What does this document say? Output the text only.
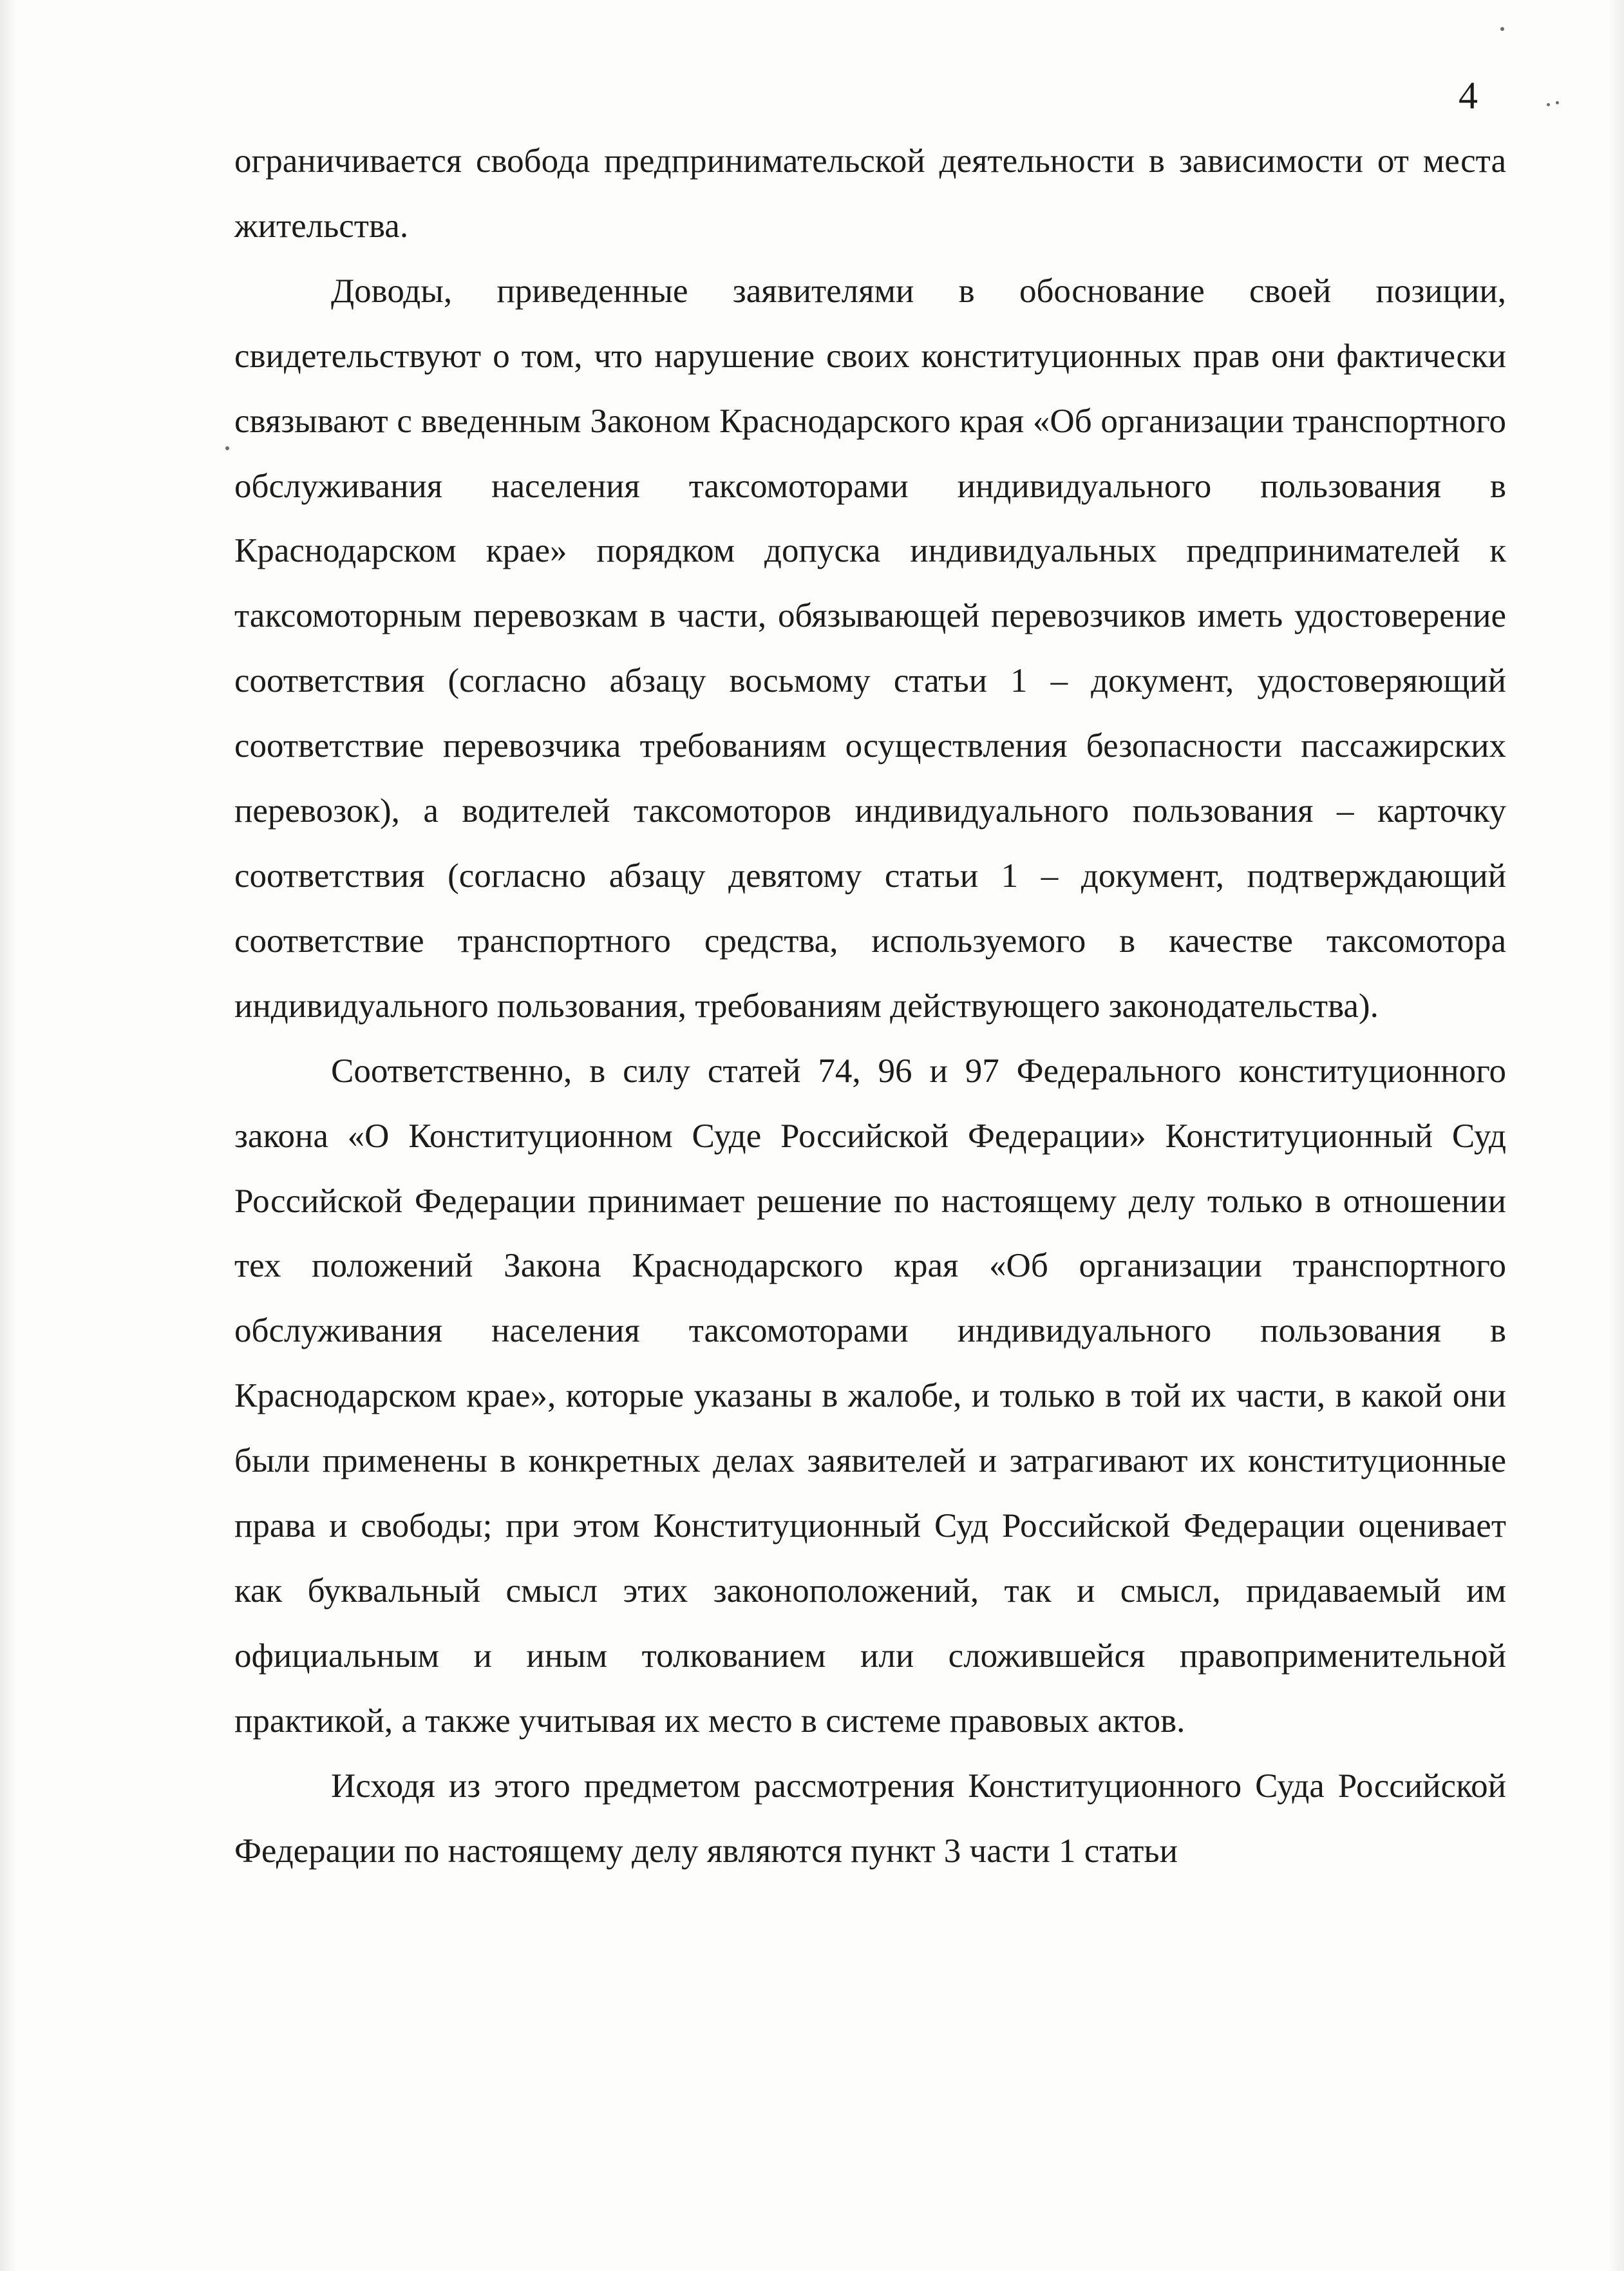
4

ограничивается свобода предпринимательской деятельности в зависимости от места жительства.

Доводы, приведенные заявителями в обоснование своей позиции, свидетельствуют о том, что нарушение своих конституционных прав они фактически связывают с введенным Законом Краснодарского края «Об организации транспортного обслуживания населения таксомоторами индивидуального пользования в Краснодарском крае» порядком допуска индивидуальных предпринимателей к таксомоторным перевозкам в части, обязывающей перевозчиков иметь удостоверение соответствия (согласно абзацу восьмому статьи 1 – документ, удостоверяющий соответствие перевозчика требованиям осуществления безопасности пассажирских перевозок), а водителей таксомоторов индивидуального пользования – карточку соответствия (согласно абзацу девятому статьи 1 – документ, подтверждающий соответствие транспортного средства, используемого в качестве таксомотора индивидуального пользования, требованиям действующего законодательства).

Соответственно, в силу статей 74, 96 и 97 Федерального конституционного закона «О Конституционном Суде Российской Федерации» Конституционный Суд Российской Федерации принимает решение по настоящему делу только в отношении тех положений Закона Краснодарского края «Об организации транспортного обслуживания населения таксомоторами индивидуального пользования в Краснодарском крае», которые указаны в жалобе, и только в той их части, в какой они были применены в конкретных делах заявителей и затрагивают их конституционные права и свободы; при этом Конституционный Суд Российской Федерации оценивает как буквальный смысл этих законоположений, так и смысл, придаваемый им официальным и иным толкованием или сложившейся правоприменительной практикой, а также учитывая их место в системе правовых актов.

Исходя из этого предметом рассмотрения Конституционного Суда Российской Федерации по настоящему делу являются пункт 3 части 1 статьи
